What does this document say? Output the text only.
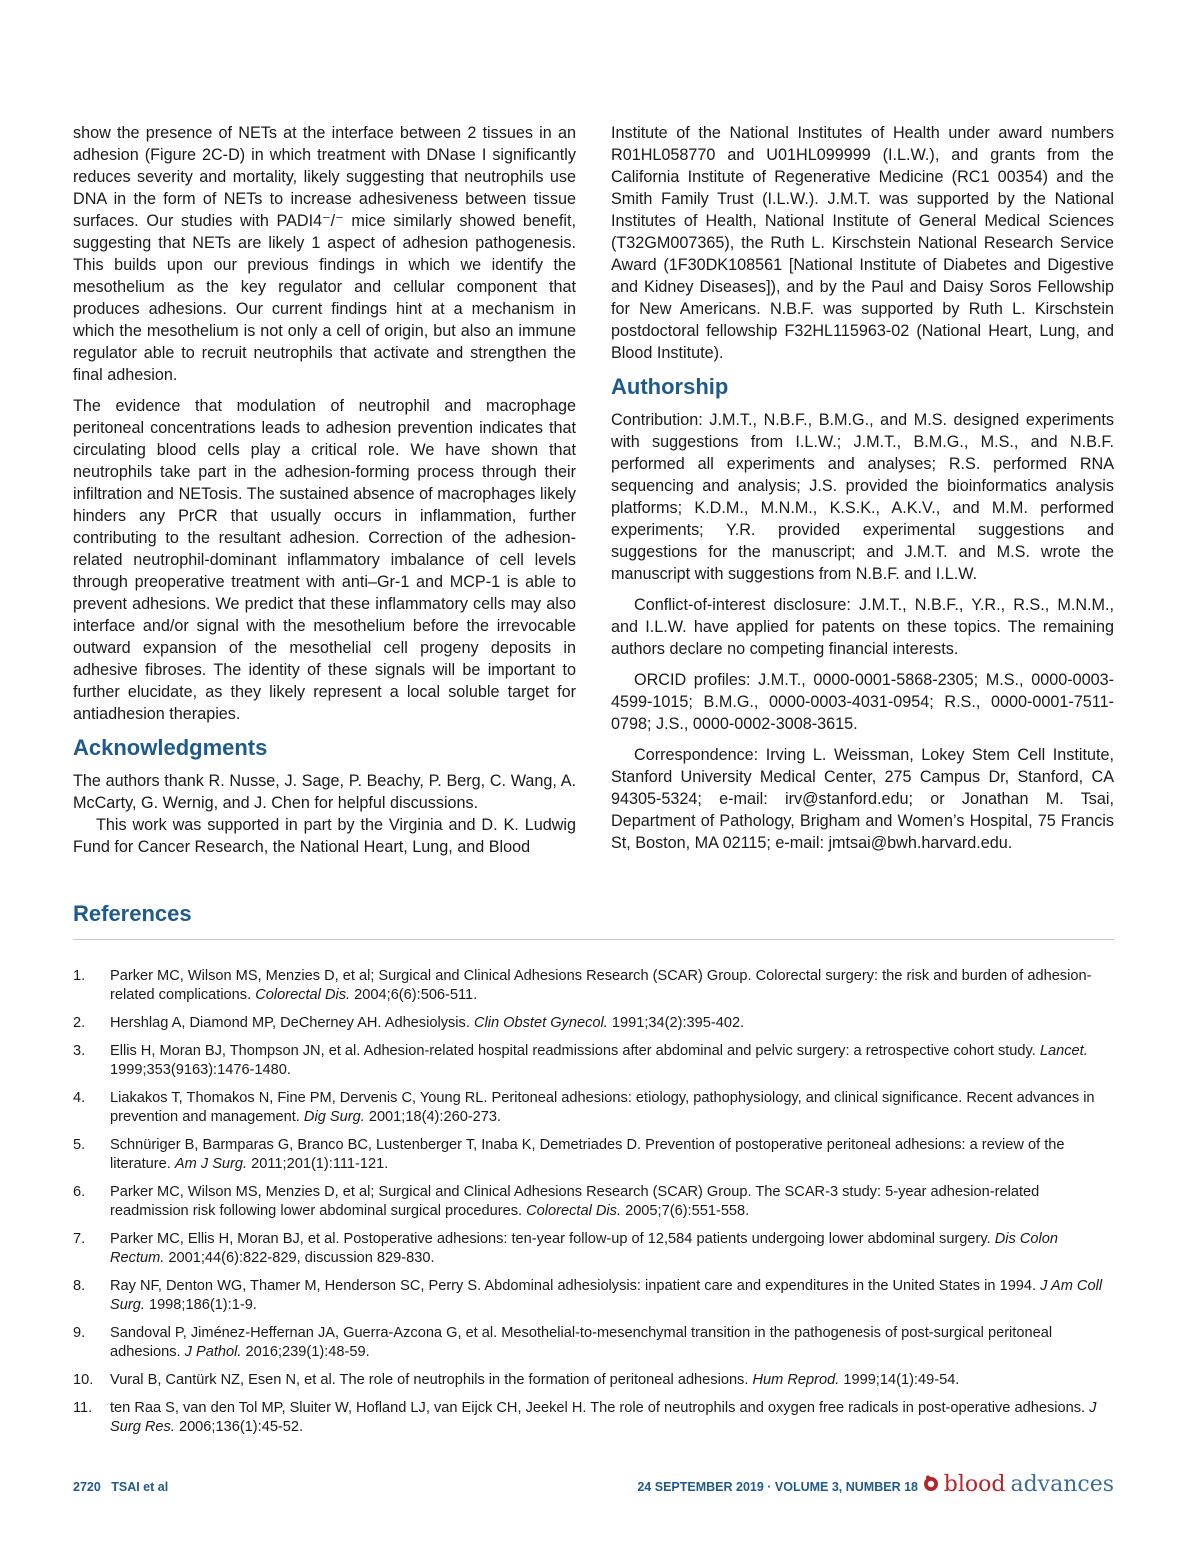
show the presence of NETs at the interface between 2 tissues in an adhesion (Figure 2C-D) in which treatment with DNase I significantly reduces severity and mortality, likely suggesting that neutrophils use DNA in the form of NETs to increase adhesiveness between tissue surfaces. Our studies with PADI4⁻/⁻ mice similarly showed benefit, suggesting that NETs are likely 1 aspect of adhesion pathogenesis. This builds upon our previous findings in which we identify the mesothelium as the key regulator and cellular component that produces adhesions. Our current findings hint at a mechanism in which the mesothelium is not only a cell of origin, but also an immune regulator able to recruit neutrophils that activate and strengthen the final adhesion.

The evidence that modulation of neutrophil and macrophage peritoneal concentrations leads to adhesion prevention indicates that circulating blood cells play a critical role. We have shown that neutrophils take part in the adhesion-forming process through their infiltration and NETosis. The sustained absence of macrophages likely hinders any PrCR that usually occurs in inflammation, further contributing to the resultant adhesion. Correction of the adhesion-related neutrophil-dominant inflammatory imbalance of cell levels through preoperative treatment with anti–Gr-1 and MCP-1 is able to prevent adhesions. We predict that these inflammatory cells may also interface and/or signal with the mesothelium before the irrevocable outward expansion of the mesothelial cell progeny deposits in adhesive fibroses. The identity of these signals will be important to further elucidate, as they likely represent a local soluble target for antiadhesion therapies.

Acknowledgments

The authors thank R. Nusse, J. Sage, P. Beachy, P. Berg, C. Wang, A. McCarty, G. Wernig, and J. Chen for helpful discussions.

This work was supported in part by the Virginia and D. K. Ludwig Fund for Cancer Research, the National Heart, Lung, and Blood

Institute of the National Institutes of Health under award numbers R01HL058770 and U01HL099999 (I.L.W.), and grants from the California Institute of Regenerative Medicine (RC1 00354) and the Smith Family Trust (I.L.W.). J.M.T. was supported by the National Institutes of Health, National Institute of General Medical Sciences (T32GM007365), the Ruth L. Kirschstein National Research Service Award (1F30DK108561 [National Institute of Diabetes and Digestive and Kidney Diseases]), and by the Paul and Daisy Soros Fellowship for New Americans. N.B.F. was supported by Ruth L. Kirschstein postdoctoral fellowship F32HL115963-02 (National Heart, Lung, and Blood Institute).

Authorship

Contribution: J.M.T., N.B.F., B.M.G., and M.S. designed experiments with suggestions from I.L.W.; J.M.T., B.M.G., M.S., and N.B.F. performed all experiments and analyses; R.S. performed RNA sequencing and analysis; J.S. provided the bioinformatics analysis platforms; K.D.M., M.N.M., K.S.K., A.K.V., and M.M. performed experiments; Y.R. provided experimental suggestions and suggestions for the manuscript; and J.M.T. and M.S. wrote the manuscript with suggestions from N.B.F. and I.L.W.

Conflict-of-interest disclosure: J.M.T., N.B.F., Y.R., R.S., M.N.M., and I.L.W. have applied for patents on these topics. The remaining authors declare no competing financial interests.

ORCID profiles: J.M.T., 0000-0001-5868-2305; M.S., 0000-0003-4599-1015; B.M.G., 0000-0003-4031-0954; R.S., 0000-0001-7511-0798; J.S., 0000-0002-3008-3615.

Correspondence: Irving L. Weissman, Lokey Stem Cell Institute, Stanford University Medical Center, 275 Campus Dr, Stanford, CA 94305-5324; e-mail: irv@stanford.edu; or Jonathan M. Tsai, Department of Pathology, Brigham and Women’s Hospital, 75 Francis St, Boston, MA 02115; e-mail: jmtsai@bwh.harvard.edu.

References
1. Parker MC, Wilson MS, Menzies D, et al; Surgical and Clinical Adhesions Research (SCAR) Group. Colorectal surgery: the risk and burden of adhesion-related complications. Colorectal Dis. 2004;6(6):506-511.
2. Hershlag A, Diamond MP, DeCherney AH. Adhesiolysis. Clin Obstet Gynecol. 1991;34(2):395-402.
3. Ellis H, Moran BJ, Thompson JN, et al. Adhesion-related hospital readmissions after abdominal and pelvic surgery: a retrospective cohort study. Lancet. 1999;353(9163):1476-1480.
4. Liakakos T, Thomakos N, Fine PM, Dervenis C, Young RL. Peritoneal adhesions: etiology, pathophysiology, and clinical significance. Recent advances in prevention and management. Dig Surg. 2001;18(4):260-273.
5. Schnüriger B, Barmparas G, Branco BC, Lustenberger T, Inaba K, Demetriades D. Prevention of postoperative peritoneal adhesions: a review of the literature. Am J Surg. 2011;201(1):111-121.
6. Parker MC, Wilson MS, Menzies D, et al; Surgical and Clinical Adhesions Research (SCAR) Group. The SCAR-3 study: 5-year adhesion-related readmission risk following lower abdominal surgical procedures. Colorectal Dis. 2005;7(6):551-558.
7. Parker MC, Ellis H, Moran BJ, et al. Postoperative adhesions: ten-year follow-up of 12,584 patients undergoing lower abdominal surgery. Dis Colon Rectum. 2001;44(6):822-829, discussion 829-830.
8. Ray NF, Denton WG, Thamer M, Henderson SC, Perry S. Abdominal adhesiolysis: inpatient care and expenditures in the United States in 1994. J Am Coll Surg. 1998;186(1):1-9.
9. Sandoval P, Jiménez-Heffernan JA, Guerra-Azcona G, et al. Mesothelial-to-mesenchymal transition in the pathogenesis of post-surgical peritoneal adhesions. J Pathol. 2016;239(1):48-59.
10. Vural B, Cantürk NZ, Esen N, et al. The role of neutrophils in the formation of peritoneal adhesions. Hum Reprod. 1999;14(1):49-54.
11. ten Raa S, van den Tol MP, Sluiter W, Hofland LJ, van Eijck CH, Jeekel H. The role of neutrophils and oxygen free radicals in post-operative adhesions. J Surg Res. 2006;136(1):45-52.
2720   TSAI et al	24 SEPTEMBER 2019 · VOLUME 3, NUMBER 18 blood advances
